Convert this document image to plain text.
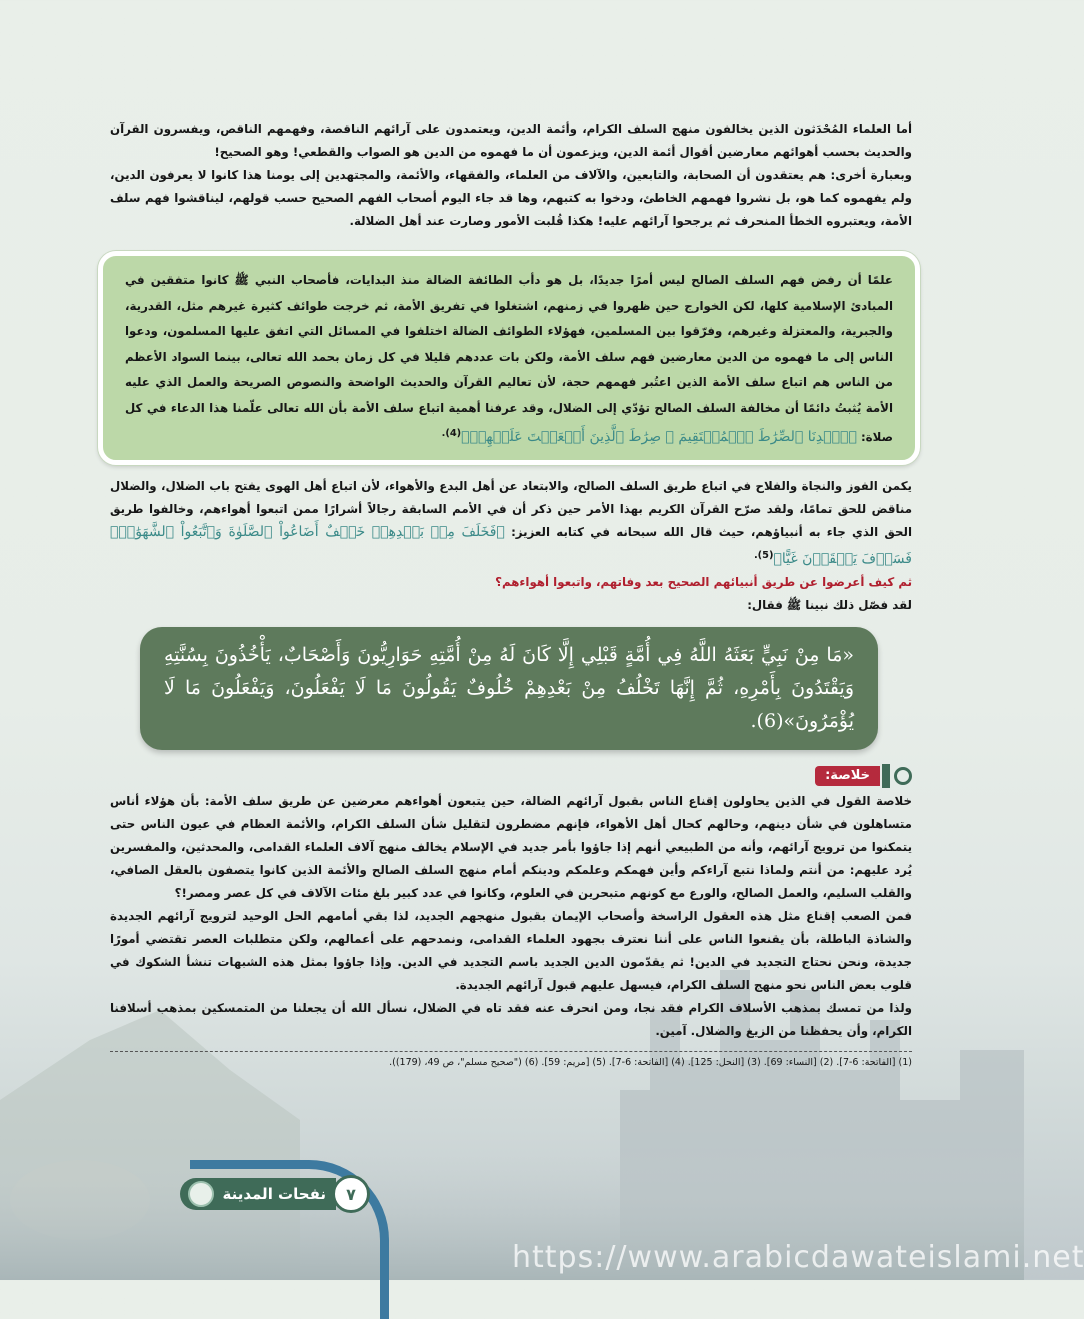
أما العلماء المُحْدَثون الذين يخالفون منهج السلف الكرام، وأئمة الدين، ويعتمدون على آرائهم الناقصة، وفهمهم الناقص، ويفسرون القرآن والحديث بحسب أهوائهم معارضين أقوال أئمة الدين، ويزعمون أن ما فهموه من الدين هو الصواب والقطعي! وهو الصحيح!

وبعبارة أخرى: هم يعتقدون أن الصحابة، والتابعين، والآلاف من العلماء، والفقهاء، والأئمة، والمجتهدين إلى يومنا هذا كانوا لا يعرفون الدين، ولم يفهموه كما هو، بل نشروا فهمهم الخاطئ، ودخوا به كتبهم، وها قد جاء اليوم أصحاب الفهم الصحيح حسب قولهم، ليناقشوا فهم سلف الأمة، ويعتبروه الخطأ المنحرف ثم يرجحوا آرائهم عليه! هكذا قُلبت الأمور وصارت عند أهل الضلالة.

علمًا أن رفض فهم السلف الصالح ليس أمرًا جديدًا، بل هو دأب الطائفة الضالة منذ البدايات، فأصحاب النبي ﷺ كانوا متفقين في المبادئ الإسلامية كلها، لكن الخوارج حين ظهروا في زمنهم، اشتغلوا في تفريق الأمة، ثم خرجت طوائف كثيرة غيرهم مثل، القدرية، والجبرية، والمعتزلة وغيرهم، وفرّقوا بين المسلمين، فهؤلاء الطوائف الضالة اختلفوا في المسائل التي اتفق عليها المسلمون، ودعوا الناس إلى ما فهموه من الدين معارضين فهم سلف الأمة، ولكن بات عددهم قليلا في كل زمان بحمد الله تعالى، بينما السواد الأعظم من الناس هم اتباع سلف الأمة الذين اعتُبر فهمهم حجة، لأن تعاليم القرآن والحديث الواضحة والنصوص الصريحة والعمل الذي عليه الأمة يُثبتُ دائمًا أن مخالفة السلف الصالح تؤدّي إلى الضلال، وقد عرفنا أهمية اتباع سلف الأمة بأن الله تعالى علّمنا هذا الدعاء في كل صلاة: ﴿ٱهۡدِنَا ٱلصِّرَٰطَ ٱلۡمُسۡتَقِيمَ ۞ صِرَٰطَ ٱلَّذِينَ أَنۡعَمۡتَ عَلَيۡهِمۡ﴾$^{(4).}$

يكمن الفوز والنجاة والفلاح في اتباع طريق السلف الصالح، والابتعاد عن أهل البدع والأهواء، لأن اتباع أهل الهوى يفتح باب الضلال، والضلال مناقض للحق تمامًا، ولقد صرّح القرآن الكريم بهذا الأمر حين ذكر أن في الأمم السابقة رجالاً أشرارًا ممن اتبعوا أهواءهم، وخالفوا طريق الحق الذي جاء به أنبياؤهم، حيث قال الله سبحانه في كتابه العزيز: ﴿فَخَلَفَ مِنۢ بَعۡدِهِمۡ خَلۡفٌ أَضَاعُواْ ٱلصَّلَوٰةَ وَٱتَّبَعُواْ ٱلشَّهَوَٰتِۖ فَسَوۡفَ يَلۡقَوۡنَ غَيًّا﴾$^{(5).}$

ثم كيف أعرضوا عن طريق أنبيائهم الصحيح بعد وفاتهم، واتبعوا أهواءهم؟

لقد فصّل ذلك نبينا ﷺ فقال:

«مَا مِنْ نَبِيٍّ بَعَثَهُ اللَّهُ فِي أُمَّةٍ قَبْلِي إِلَّا كَانَ لَهُ مِنْ أُمَّتِهِ حَوَارِيُّونَ وَأَصْحَابٌ، يَأْخُذُونَ بِسُنَّتِهِ وَيَقْتَدُونَ بِأَمْرِهِ، ثُمَّ إِنَّهَا تَخْلُفُ مِنْ بَعْدِهِمْ خُلُوفٌ يَقُولُونَ مَا لَا يَفْعَلُونَ، وَيَفْعَلُونَ مَا لَا يُؤْمَرُونَ»(6).
خلاصة:

خلاصة القول في الذين يحاولون إقناع الناس بقبول آرائهم الضالة، حين يتبعون أهواءهم معرضين عن طريق سلف الأمة: بأن هؤلاء أناس متساهلون في شأن دينهم، وحالهم كحال أهل الأهواء، فإنهم مضطرون لتقليل شأن السلف الكرام، والأئمة العظام في عيون الناس حتى يتمكنوا من ترويج آرائهم، وأنه من الطبيعي أنهم إذا جاؤوا بأمر جديد في الإسلام يخالف منهج آلاف العلماء القدامى، والمحدثين، والمفسرين يُرد عليهم: من أنتم ولماذا نتبع آراءكم وأين فهمكم وعلمكم ودينكم أمام منهج السلف الصالح والأئمة الذين كانوا يتصفون بالعقل الصافي، والقلب السليم، والعمل الصالح، والورع مع كونهم متبحرين في العلوم، وكانوا في عدد كبير بلغ مئات الآلاف في كل عصر ومصر!؟

فمن الصعب إقناع مثل هذه العقول الراسخة وأصحاب الإيمان بقبول منهجهم الجديد، لذا بقي أمامهم الحل الوحيد لترويج آرائهم الجديدة والشاذة الباطلة، بأن يقنعوا الناس على أننا نعترف بجهود العلماء القدامى، ونمدحهم على أعمالهم، ولكن متطلبات العصر تقتضي أمورًا جديدة، ونحن نحتاج التجديد في الدين! ثم يقدّمون الدين الجديد باسم التجديد في الدين. وإذا جاؤوا بمثل هذه الشبهات تنشأ الشكوك في قلوب بعض الناس نحو منهج السلف الكرام، فيسهل عليهم قبول آرائهم الجديدة.

ولذا من تمسك بمذهب الأسلاف الكرام فقد نجا، ومن انحرف عنه فقد تاه في الضلال، نسأل الله أن يجعلنا من المتمسكين بمذهب أسلافنا الكرام، وأن يحفظنا من الزيغ والضلال. آمين.

(1) [الفاتحة: 6-7]. (2) [النساء: 69]. (3) [النحل: 125]. (4) [الفاتحة: 6-7]. (5) [مريم: 59]. (6) ("صحيح مسلم"، ص 49، (179)).

٧
نفحات المدينة
https://www.arabicdawateislami.net
